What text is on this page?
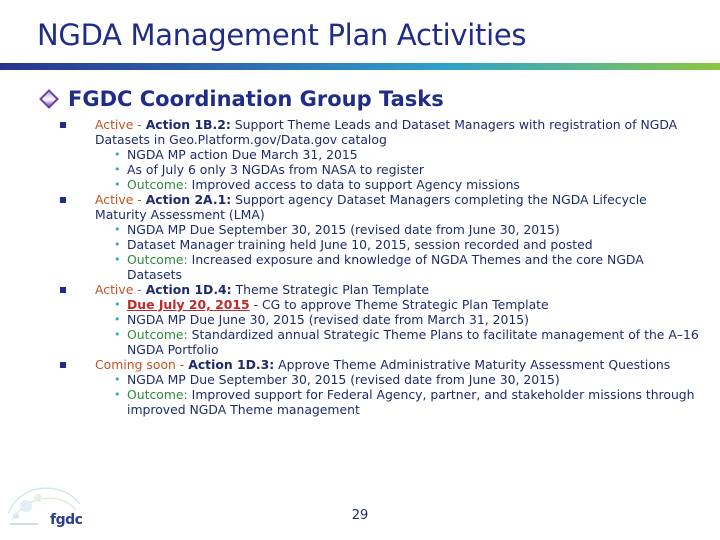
NGDA Management Plan Activities
FGDC Coordination Group Tasks
Active - Action 1B.2: Support Theme Leads and Dataset Managers with registration of NGDA
Datasets in Geo.Platform.gov/Data.gov catalog
• NGDA MP action Due March 31, 2015
• As of July 6 only 3 NGDAs from NASA to register
• Outcome: Improved access to data to support Agency missions
Active - Action 2A.1: Support agency Dataset Managers completing the NGDA Lifecycle
Maturity Assessment (LMA)
• NGDA MP Due September 30, 2015 (revised date from June 30, 2015)
• Dataset Manager training held June 10, 2015, session recorded and posted
• Outcome: Increased exposure and knowledge of NGDA Themes and the core NGDA
Datasets
Active - Action 1D.4: Theme Strategic Plan Template
• Due July 20, 2015 - CG to approve Theme Strategic Plan Template
• NGDA MP Due June 30, 2015 (revised date from March 31, 2015)
• Outcome: Standardized annual Strategic Theme Plans to facilitate management of the A–16
NGDA Portfolio
Coming soon - Action 1D.3: Approve Theme Administrative Maturity Assessment Questions
• NGDA MP Due September 30, 2015 (revised date from June 30, 2015)
• Outcome: Improved support for Federal Agency, partner, and stakeholder missions through
improved NGDA Theme management
fgdc	29
